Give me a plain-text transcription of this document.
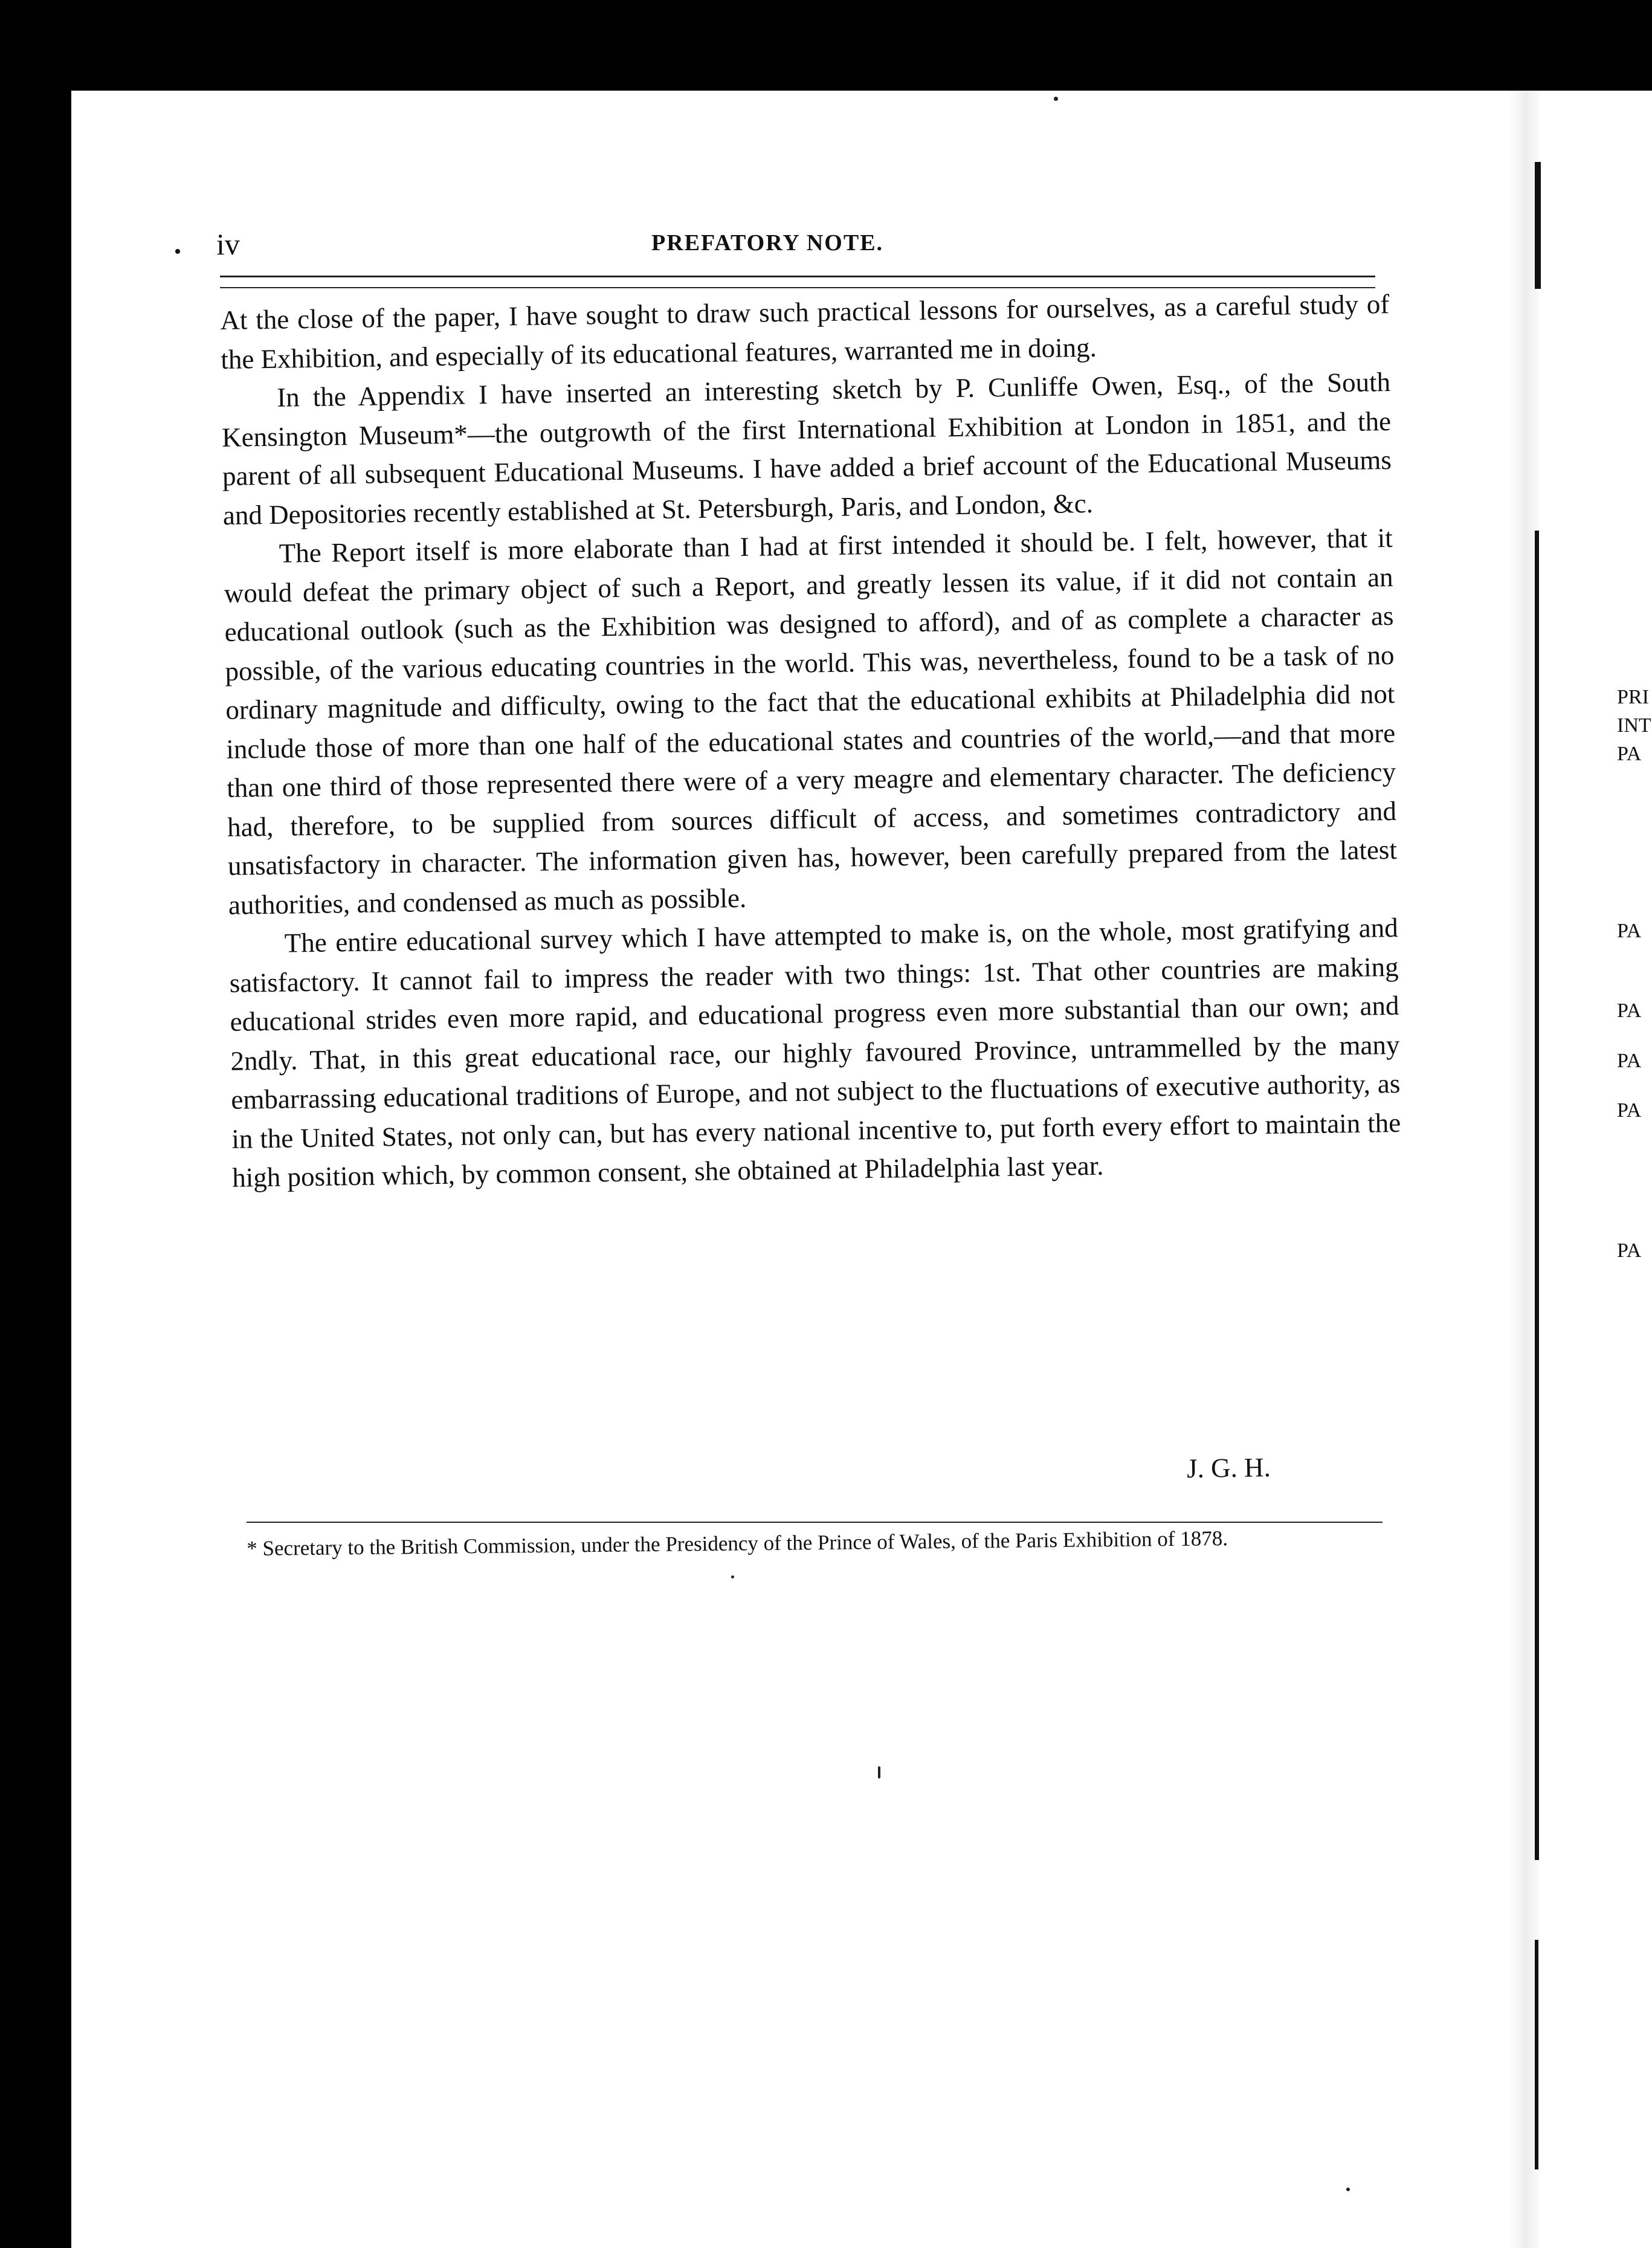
iv	PREFATORY NOTE.

At the close of the paper, I have sought to draw such practical lessons for ourselves, as a careful study of the Exhibition, and especially of its educational features, warranted me in doing.

In the Appendix I have inserted an interesting sketch by P. Cunliffe Owen, Esq., of the South Kensington Museum*—the outgrowth of the first International Exhibition at London in 1851, and the parent of all subsequent Educational Museums. I have added a brief account of the Educational Museums and Depositories recently established at St. Petersburgh, Paris, and London, &c.

The Report itself is more elaborate than I had at first intended it should be. I felt, however, that it would defeat the primary object of such a Report, and greatly lessen its value, if it did not contain an educational outlook (such as the Exhibition was designed to afford), and of as complete a character as possible, of the various educating countries in the world. This was, nevertheless, found to be a task of no ordinary magnitude and difficulty, owing to the fact that the educational exhibits at Philadelphia did not include those of more than one half of the educational states and countries of the world,—and that more than one third of those represented there were of a very meagre and elementary character. The deficiency had, therefore, to be supplied from sources difficult of access, and sometimes contradictory and unsatisfactory in character. The information given has, however, been carefully prepared from the latest authorities, and condensed as much as possible.

The entire educational survey which I have attempted to make is, on the whole, most gratifying and satisfactory. It cannot fail to impress the reader with two things: 1st. That other countries are making educational strides even more rapid, and educational progress even more substantial than our own; and 2ndly. That, in this great educational race, our highly favoured Province, untrammelled by the many embarrassing educational traditions of Europe, and not subject to the fluctuations of executive authority, as in the United States, not only can, but has every national incentive to, put forth every effort to maintain the high position which, by common consent, she obtained at Philadelphia last year.

J. G. H.

* Secretary to the British Commission, under the Presidency of the Prince of Wales, of the Paris Exhibition of 1878.

PRI
INT
PA
PA
PA
PA
PA
PA
